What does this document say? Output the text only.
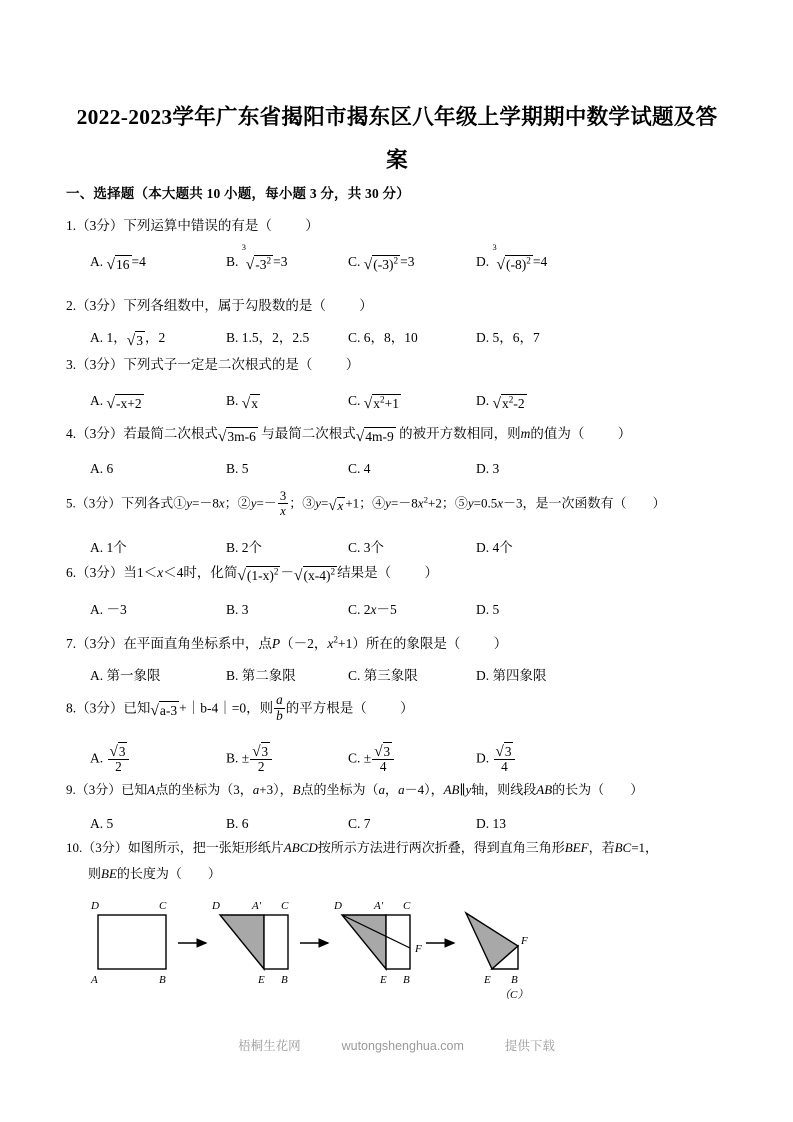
2022-2023学年广东省揭阳市揭东区八年级上学期期中数学试题及答
案
一、选择题（本大题共 10 小题，每小题 3 分，共 30 分）
1.（3分）下列运算中错误的有是（ ）
A. √16 =4	B.
3
$√-3^2 =3$	C. $√(-3)^2 =3$	D.
3
$√(-8)^2 =4$
2.（3分）下列各组数中，属于勾股数的是（ ）
A. 1，√3 ，2	B. 1.5，2，2.5	C. 6，8，10	D. 5，6，7
3.（3分）下列式子一定是二次根式的是（ ）
A. √-x+2	B. √x	C. $√x^2+1$	D. $√x^2-2$
4.（3分）若最简二次根式√3m-6 与最简二次根式√4m-9 的被开方数相同，则m的值为（ ）
A. 6	B. 5	C. 4	D. 3
5.（3分）下列各式①y=－8x；②y=－ $\frac{3}{x}$ ；③y=√x +1；$④y=-8x^2+2$；⑤y=0.5x－3，是一次函数有（ ）
A. 1个	B. 2个	C. 3个	D. 4个
6.（3分）当1＜x＜4时，化简$√(1-x)^2 -√(x-4)^2$ 结果是（ ）
A. －3	B. 3	C. 2x－5	D. 5
7.（3分）在平面直角坐标系中，点P（－2，$x^2+1$）所在的象限是（ ）
A. 第一象限	B. 第二象限	C. 第三象限	D. 第四象限
8.（3分）已知√a-3 +｜b-4｜=0，则 $\frac{a}{b}$ 的平方根是（ ）
A. $\frac{√3}{2}$	B. ± $\frac{√3}{2}$	C. ± $\frac{√3}{4}$	D. $\frac{√3}{4}$
9.（3分）已知A点的坐标为（3，a+3），B点的坐标为（a，a－4），AB∥y轴，则线段AB的长为（ ）
A. 5	B. 6	C. 7	D. 13
10.（3分）如图所示，把一张矩形纸片ABCD按所示方法进行两次折叠，得到直角三角形BEF，若BC=1，
则BE的长度为（ ）
A	B
C
D	D	A′ C
E B
D	A′ C
E B
F
E B
F
（C）
梧桐生花网	wutongshenghua.com	提供下载
